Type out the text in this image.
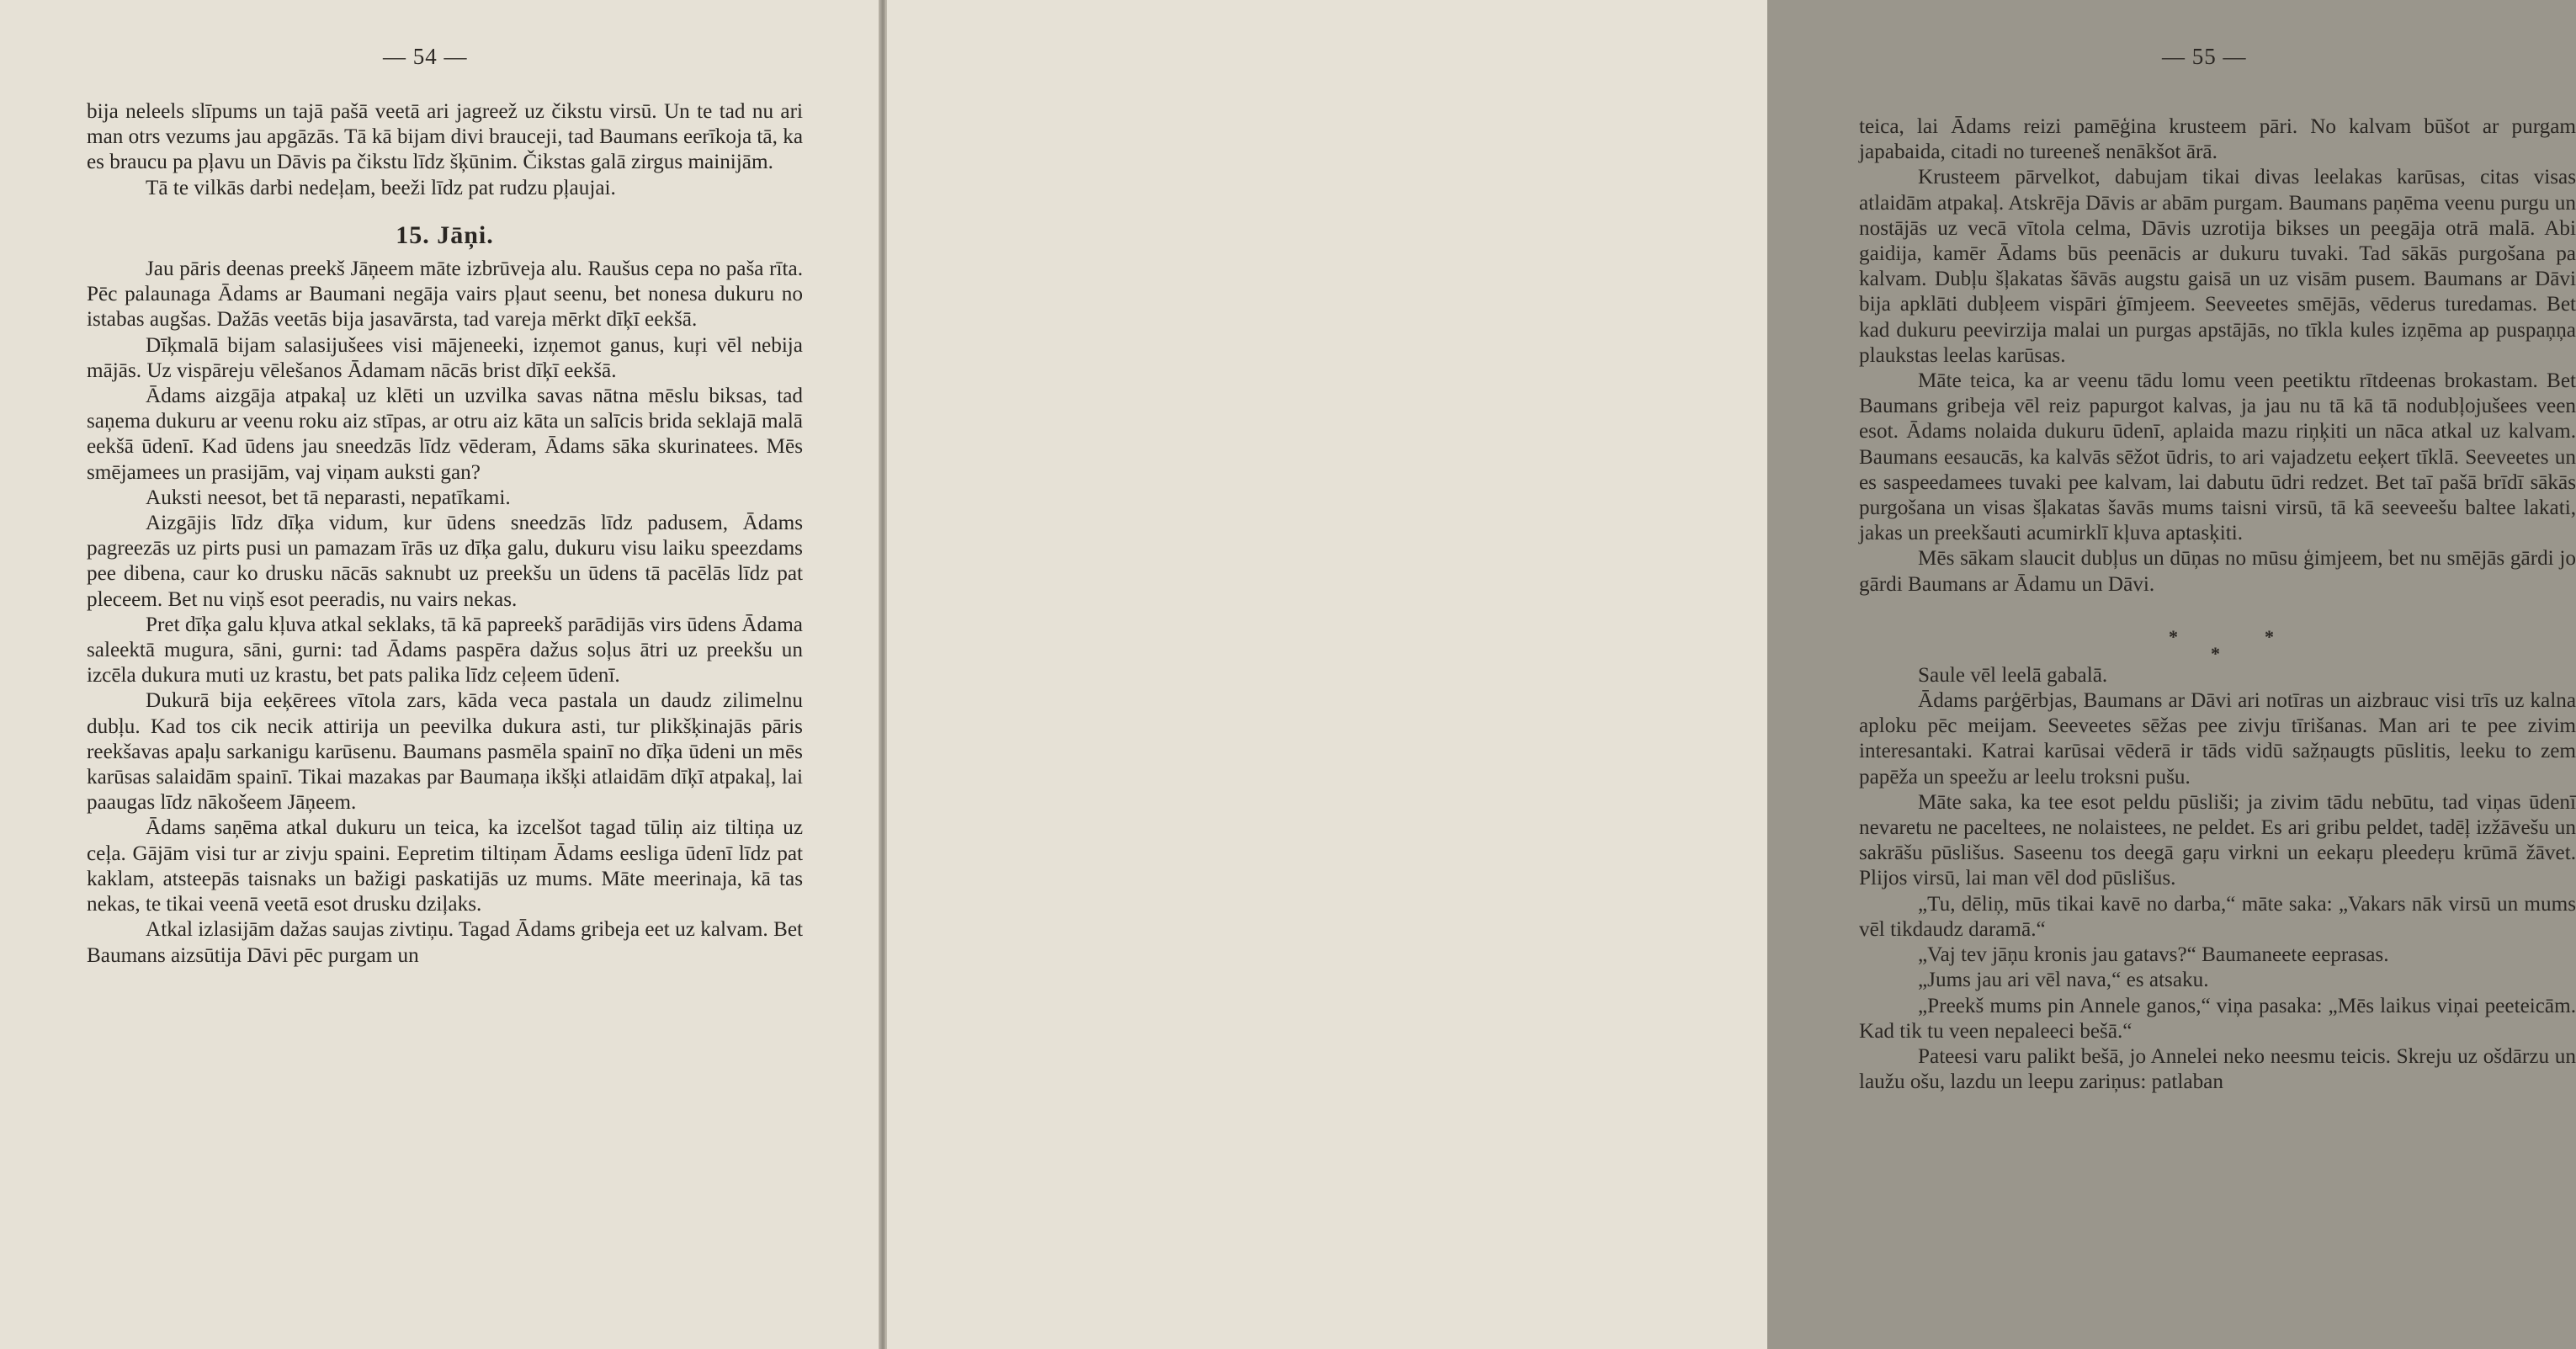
— 54 —

bija neleels slīpums un tajā pašā veetā ari jagreež uz čikstu virsū. Un te tad nu ari man otrs vezums jau apgāzās. Tā kā bijam divi brauceji, tad Baumans eerīkoja tā, ka es braucu pa pļavu un Dāvis pa čikstu līdz šķūnim. Čikstas galā zirgus mainijām.

Tā te vilkās darbi nedeļam, beeži līdz pat rudzu pļaujai.

15. Jāņi.

Jau pāris deenas preekš Jāņeem māte izbrūveja alu. Raušus cepa no paša rīta. Pēc palaunaga Ādams ar Baumani negāja vairs pļaut seenu, bet nonesa dukuru no istabas augšas. Dažās veetās bija jasavārsta, tad vareja mērkt dīķī eekšā.

Dīķmalā bijam salasijušees visi mājeneeki, izņemot ganus, kuŗi vēl nebija mājās. Uz vispāreju vēlešanos Ādamam nācās brist dīķī eekšā.

Ādams aizgāja atpakaļ uz klēti un uzvilka savas nātna mēslu biksas, tad saņema dukuru ar veenu roku aiz stīpas, ar otru aiz kāta un salīcis brida seklajā malā eekšā ūdenī. Kad ūdens jau sneedzās līdz vēderam, Ādams sāka skurinatees. Mēs smējamees un prasijām, vaj viņam auksti gan?

Auksti neesot, bet tā neparasti, nepatīkami.

Aizgājis līdz dīķa vidum, kur ūdens sneedzās līdz padusem, Ādams pagreezās uz pirts pusi un pamazam īrās uz dīķa galu, dukuru visu laiku speezdams pee dibena, caur ko drusku nācās saknubt uz preekšu un ūdens tā pacēlās līdz pat pleceem. Bet nu viņš esot peeradis, nu vairs nekas.

Pret dīķa galu kļuva atkal seklaks, tā kā papreekš parādijās virs ūdens Ādama saleektā mugura, sāni, gurni: tad Ādams paspēra dažus soļus ātri uz preekšu un izcēla dukura muti uz krastu, bet pats palika līdz ceļeem ūdenī.

Dukurā bija eeķērees vītola zars, kāda veca pastala un daudz zilimelnu dubļu. Kad tos cik necik attirija un peevilka dukura asti, tur plikšķinajās pāris reekšavas apaļu sarkanigu karūsenu. Baumans pasmēla spainī no dīķa ūdeni un mēs karūsas salaidām spainī. Tikai mazakas par Baumaņa ikšķi atlaidām dīķī atpakaļ, lai paaugas līdz nākošeem Jāņeem.

Ādams saņēma atkal dukuru un teica, ka izcelšot tagad tūliņ aiz tiltiņa uz ceļa. Gājām visi tur ar zivju spaini. Eepretim tiltiņam Ādams eesliga ūdenī līdz pat kaklam, atsteepās taisnaks un bažigi paskatijās uz mums. Māte meerinaja, kā tas nekas, te tikai veenā veetā esot drusku dziļaks.

Atkal izlasijām dažas saujas zivtiņu. Tagad Ādams gribeja eet uz kalvam. Bet Baumans aizsūtija Dāvi pēc purgam un

— 55 —

teica, lai Ādams reizi pamēģina krusteem pāri. No kalvam būšot ar purgam japabaida, citadi no tureeneš nenākšot ārā.

Krusteem pārvelkot, dabujam tikai divas leelakas karūsas, citas visas atlaidām atpakaļ. Atskrēja Dāvis ar abām purgam. Baumans paņēma veenu purgu un nostājās uz vecā vītola celma, Dāvis uzrotija bikses un peegāja otrā malā. Abi gaidija, kamēr Ādams būs peenācis ar dukuru tuvaki. Tad sākās purgošana pa kalvam. Dubļu šļakatas šāvās augstu gaisā un uz visām pusem. Baumans ar Dāvi bija apklāti dubļeem vispāri ģīmjeem. Seeveetes smējās, vēderus turedamas. Bet kad dukuru peevirzija malai un purgas apstājās, no tīkla kules izņēma ap puspaņņa plaukstas leelas karūsas.

Māte teica, ka ar veenu tādu lomu veen peetiktu rītdeenas brokastam. Bet Baumans gribeja vēl reiz papurgot kalvas, ja jau nu tā kā tā nodubļojušees veen esot. Ādams nolaida dukuru ūdenī, aplaida mazu riņķiti un nāca atkal uz kalvam. Baumans eesaucās, ka kalvās sēžot ūdris, to ari vajadzetu eeķert tīklā. Seeveetes un es saspeedamees tuvaki pee kalvam, lai dabutu ūdri redzet. Bet taī pašā brīdī sākās purgošana un visas šļakatas šavās mums taisni virsū, tā kā seeveešu baltee lakati, jakas un preekšauti acumirklī kļuva aptasķiti.

Mēs sākam slaucit dubļus un dūņas no mūsu ģimjeem, bet nu smējās gārdi jo gārdi Baumans ar Ādamu un Dāvi.

*
*
*

Saule vēl leelā gabalā.

Ādams parģērbjas, Baumans ar Dāvi ari notīras un aizbrauc visi trīs uz kalna aploku pēc meijam. Seeveetes sēžas pee zivju tīrišanas. Man ari te pee zivim interesantaki. Katrai karūsai vēderā ir tāds vidū sažņaugts pūslitis, leeku to zem papēža un speežu ar leelu troksni pušu.

Māte saka, ka tee esot peldu pūsliši; ja zivim tādu nebūtu, tad viņas ūdenī nevaretu ne paceltees, ne nolaistees, ne peldet. Es ari gribu peldet, tadēļ izžāvešu un sakrāšu pūslišus. Saseenu tos deegā gaŗu virkni un eekaŗu pleedeŗu krūmā žāvet. Plijos virsū, lai man vēl dod pūslišus.

„Tu, dēliņ, mūs tikai kavē no darba,“ māte saka: „Vakars nāk virsū un mums vēl tikdaudz daramā.“

„Vaj tev jāņu kronis jau gatavs?“ Baumaneete eeprasas.

„Jums jau ari vēl nava,“ es atsaku.

„Preekš mums pin Annele ganos,“ viņa pasaka: „Mēs laikus viņai peeteicām. Kad tik tu veen nepaleeci bešā.“

Pateesi varu palikt bešā, jo Annelei neko neesmu teicis. Skreju uz ošdārzu un laužu ošu, lazdu un leepu zariņus: patlaban
